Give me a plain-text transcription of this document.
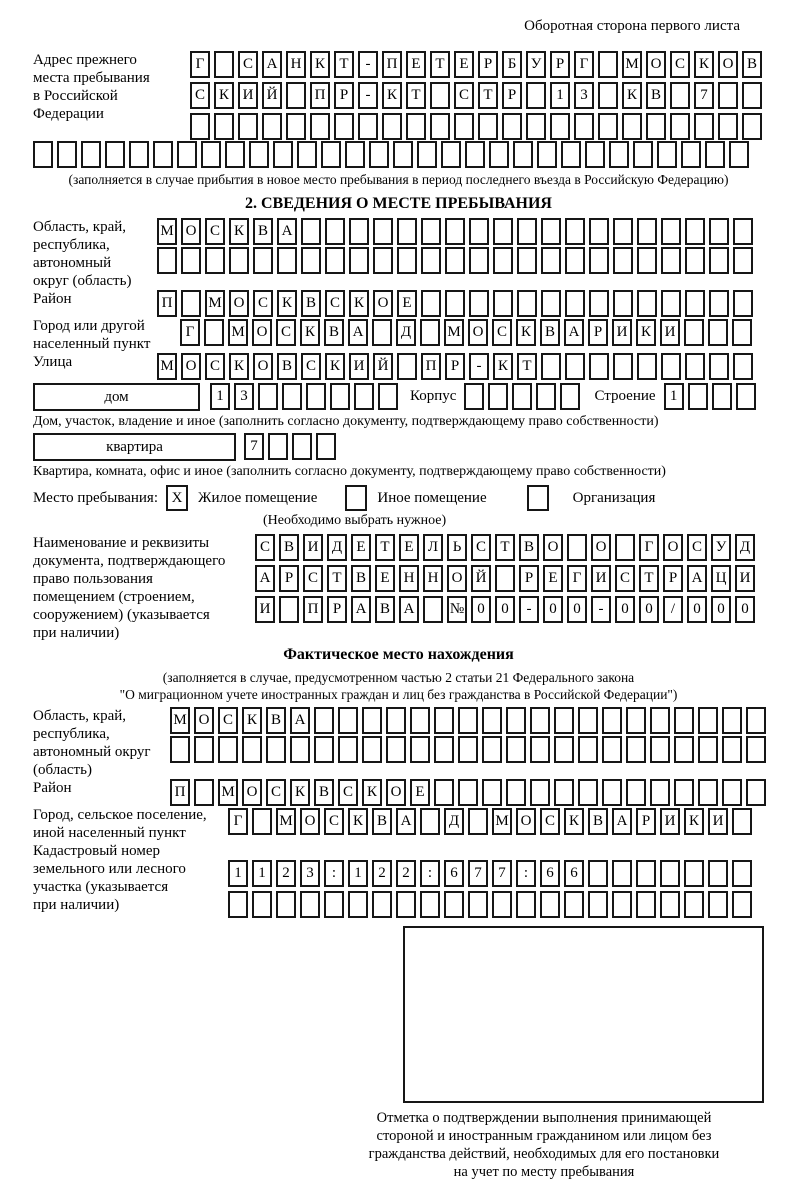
Оборотная сторона первого листа
Адрес прежнего
места пребывания
в Российской
Федерации
Г	С А Н К Т	-	П Е Т Е	Р	Б У Р	Г	М О С К О В
С К И Й	П Р	-	К Т	С Т	Р	1	3	К В	7
(заполняется в случае прибытия в новое место пребывания в период последнего въезда в Российскую Федерацию)
2. СВЕДЕНИЯ О МЕСТЕ ПРЕБЫВАНИЯ
Область, край,
республика,
автономный
округ (область)
М О С К В А
Район	П	М О С К В С К О Е
Город или другой
населенный пункт
Г	М О С К В А	Д	М О С К В А Р И К И
Улица	М О С К О В С К И Й	П Р	-	К Т
дом	1	3	Корпус	Строение 1
Дом, участок, владение и иное (заполнить согласно документу, подтверждающему право собственности)
квартира	7
Квартира, комната, офис и иное (заполнить согласно документу, подтверждающему право собственности)
Место пребывания: X	Жилое помещение	Иное помещение	Организация
(Необходимо выбрать нужное)
Наименование и реквизиты
документа, подтверждающего
право пользования
помещением (строением,
сооружением) (указывается
при наличии)
С В И Д Е Т Е Л Ь С Т В О	О	Г О С У Д
А Р С Т В Е Н Н О Й	Р	Е	Г И С Т	Р А Ц И
И	П Р А В А	№ 0	0	-	0	0	-	0	0	/	0	0	0
Фактическое место нахождения
(заполняется в случае, предусмотренном частью 2 статьи 21 Федерального закона
"О миграционном учете иностранных граждан и лиц без гражданства в Российской Федерации")
Область, край,
республика,
автономный округ
(область)
М О С К В А
Район	П	М О С К В С К О Е
Город, сельское поселение,
иной населенный пункт
Г	М О С К В А	Д	М О С К В А Р И К И
Кадастровый номер
земельного или лесного
участка (указывается
при наличии)
1	1	2	3	:	1	2	2	:	6	7	7	:	6	6
Отметка о подтверждении выполнения принимающей
стороной и иностранным гражданином или лицом без
гражданства действий, необходимых для его постановки
на учет по месту пребывания
